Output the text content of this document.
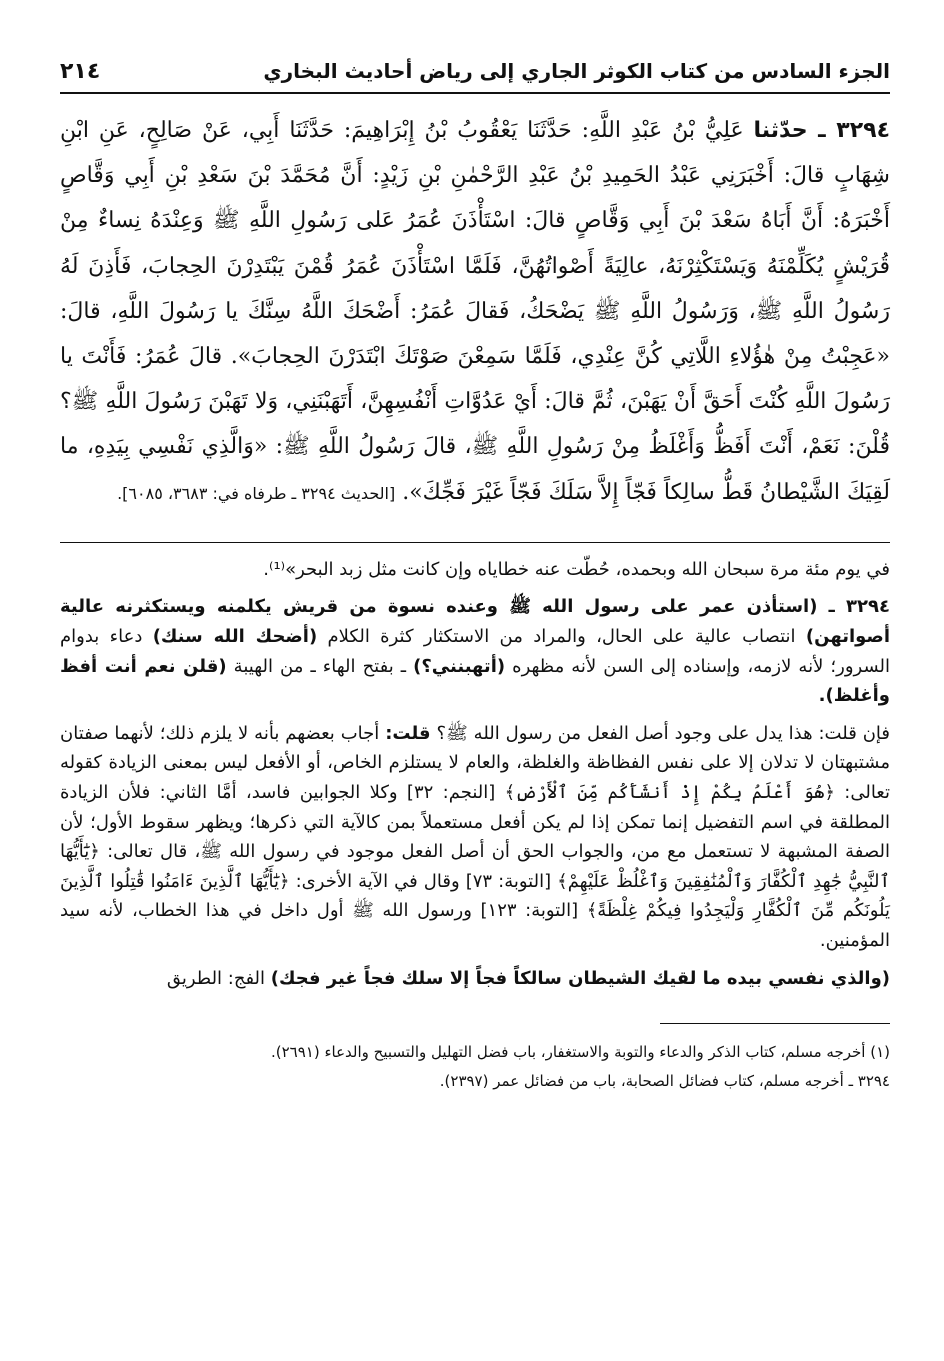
الجزء السادس من كتاب الكوثر الجاري إلى رياض أحاديث البخاري
٢١٤
٣٢٩٤ ـ حدّثنا عَلِيُّ بْنُ عَبْدِ اللَّهِ: حَدَّثَنَا يَعْقُوبُ بْنُ إِبْرَاهِيمَ: حَدَّثَنَا أَبِي، عَنْ صَالِحٍ، عَنِ ابْنِ شِهَابٍ قالَ: أَخْبَرَنِي عَبْدُ الحَمِيدِ بْنُ عَبْدِ الرَّحْمٰنِ بْنِ زَيْدٍ: أَنَّ مُحَمَّدَ بْنَ سَعْدِ بْنِ أَبِي وَقَّاصٍ أَخْبَرَهُ: أَنَّ أَبَاهُ سَعْدَ بْنَ أَبِي وَقَّاصٍ قالَ: اسْتَأْذَنَ عُمَرُ عَلى رَسُولِ اللَّهِ ﷺ وَعِنْدَهُ نِساءٌ مِنْ قُرَيْشٍ يُكَلِّمْنَهُ وَيَسْتَكْثِرْنَهُ، عالِيَةً أَصْواتُهُنَّ، فَلَمَّا اسْتَأْذَنَ عُمَرُ قُمْنَ يَبْتَدِرْنَ الحِجابَ، فَأَذِنَ لَهُ رَسُولُ اللَّهِ ﷺ، وَرَسُولُ اللَّهِ ﷺ يَضْحَكُ، فَقالَ عُمَرُ: أَضْحَكَ اللَّهُ سِنَّكَ يا رَسُولَ اللَّهِ، قالَ: «عَجِبْتُ مِنْ هٰؤُلاءِ اللَّاتِي كُنَّ عِنْدِي، فَلَمَّا سَمِعْنَ صَوْتَكَ ابْتَدَرْنَ الحِجابَ». قالَ عُمَرُ: فَأَنْتَ يا رَسُولَ اللَّهِ كُنْتَ أَحَقَّ أَنْ يَهَبْنَ، ثُمَّ قالَ: أَيْ عَدُوَّاتِ أَنْفُسِهِنَّ، أَتَهَبْنَنِي، وَلا تَهَبْنَ رَسُولَ اللَّهِ ﷺ؟ قُلْنَ: نَعَمْ، أَنْتَ أَفَظُّ وَأَغْلَظُ مِنْ رَسُولِ اللَّهِ ﷺ، قالَ رَسُولُ اللَّهِ ﷺ: «وَالَّذِي نَفْسِي بِيَدِهِ، ما لَقِيَكَ الشَّيْطانُ قَطُّ سالِكاً فَجّاً إِلاَّ سَلَكَ فَجّاً غَيْرَ فَجِّكَ». [الحديث ٣٢٩٤ ـ طرفاه في: ٣٦٨٣، ٦٠٨٥].

في يوم مئة مرة سبحان الله وبحمده، حُطّت عنه خطاياه وإن كانت مثل زبد البحر»⁽¹⁾.

٣٢٩٤ ـ (استأذن عمر على رسول الله ﷺ وعنده نسوة من قريش يكلمنه ويستكثرنه عالية أصواتهن) انتصاب عالية على الحال، والمراد من الاستكثار كثرة الكلام (أضحك الله سنك) دعاء بدوام السرور؛ لأنه لازمه، وإسناده إلى السن لأنه مظهره (أتهبنني؟) ـ بفتح الهاء ـ من الهيبة (قلن نعم أنت أفظ وأغلظ).

فإن قلت: هذا يدل على وجود أصل الفعل من رسول الله ﷺ؟ قلت: أجاب بعضهم بأنه لا يلزم ذلك؛ لأنهما صفتان مشتبهتان لا تدلان إلا على نفس الفظاظة والغلظة، والعام لا يستلزم الخاص، أو الأفعل ليس بمعنى الزيادة كقوله تعالى: ﴿هُوَ أَعْلَمُ بِكُمْ إِذْ أَنشَأَكُم مِّنَ ٱلْأَرْضِ﴾ [النجم: ٣٢] وكلا الجوابين فاسد، أمَّا الثاني: فلأن الزيادة المطلقة في اسم التفضيل إنما تمكن إذا لم يكن أفعل مستعملاً بمن كالآية التي ذكرها؛ ويظهر سقوط الأول؛ لأن الصفة المشبهة لا تستعمل مع من، والجواب الحق أن أصل الفعل موجود في رسول الله ﷺ، قال تعالى: ﴿يَٰٓأَيُّهَا ٱلنَّبِيُّ جَٰهِدِ ٱلْكُفَّارَ وَٱلْمُنَٰفِقِينَ وَٱغْلُظْ عَلَيْهِمْ﴾ [التوبة: ٧٣] وقال في الآية الأخرى: ﴿يَٰٓأَيُّهَا ٱلَّذِينَ ءَامَنُوا قَٰتِلُوا ٱلَّذِينَ يَلُونَكُم مِّنَ ٱلْكُفَّارِ وَلْيَجِدُوا فِيكُمْ غِلْظَةً﴾ [التوبة: ١٢٣] ورسول الله ﷺ أول داخل في هذا الخطاب، لأنه سيد المؤمنين.

(والذي نفسي بيده ما لقيك الشيطان سالكاً فجاً إلا سلك فجاً غير فجك) الفج: الطريق

(١) أخرجه مسلم، كتاب الذكر والدعاء والتوبة والاستغفار، باب فضل التهليل والتسبيح والدعاء (٢٦٩١).
٣٢٩٤ ـ أخرجه مسلم، كتاب فضائل الصحابة، باب من فضائل عمر (٢٣٩٧).
